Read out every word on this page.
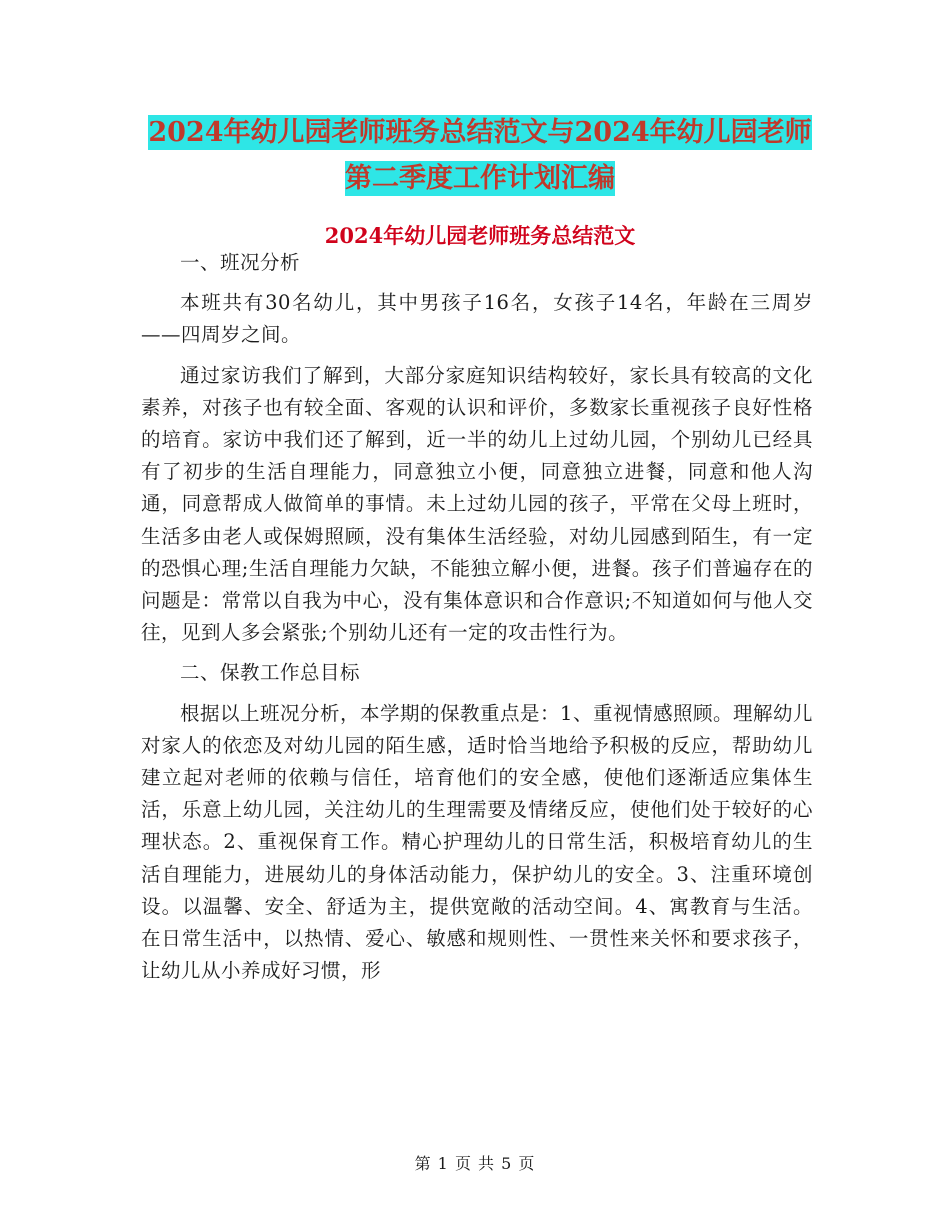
2024年幼儿园老师班务总结范文与2024年幼儿园老师
第二季度工作计划汇编
2024年幼儿园老师班务总结范文

一、班况分析

本班共有30名幼儿，其中男孩子16名，女孩子14名，年龄在三周岁——四周岁之间。

通过家访我们了解到，大部分家庭知识结构较好，家长具有较高的文化素养，对孩子也有较全面、客观的认识和评价，多数家长重视孩子良好性格的培育。家访中我们还了解到，近一半的幼儿上过幼儿园，个别幼儿已经具有了初步的生活自理能力，同意独立小便，同意独立进餐，同意和他人沟通，同意帮成人做简单的事情。未上过幼儿园的孩子，平常在父母上班时，生活多由老人或保姆照顾，没有集体生活经验，对幼儿园感到陌生，有一定的恐惧心理;生活自理能力欠缺，不能独立解小便，进餐。孩子们普遍存在的问题是：常常以自我为中心，没有集体意识和合作意识;不知道如何与他人交往，见到人多会紧张;个别幼儿还有一定的攻击性行为。

二、保教工作总目标

根据以上班况分析，本学期的保教重点是：1、重视情感照顾。理解幼儿对家人的依恋及对幼儿园的陌生感，适时恰当地给予积极的反应，帮助幼儿建立起对老师的依赖与信任，培育他们的安全感，使他们逐渐适应集体生活，乐意上幼儿园，关注幼儿的生理需要及情绪反应，使他们处于较好的心理状态。2、重视保育工作。精心护理幼儿的日常生活，积极培育幼儿的生活自理能力，进展幼儿的身体活动能力，保护幼儿的安全。3、注重环境创设。以温馨、安全、舒适为主，提供宽敞的活动空间。4、寓教育与生活。在日常生活中，以热情、爱心、敏感和规则性、一贯性来关怀和要求孩子，让幼儿从小养成好习惯，形

第 1 页 共 5 页
